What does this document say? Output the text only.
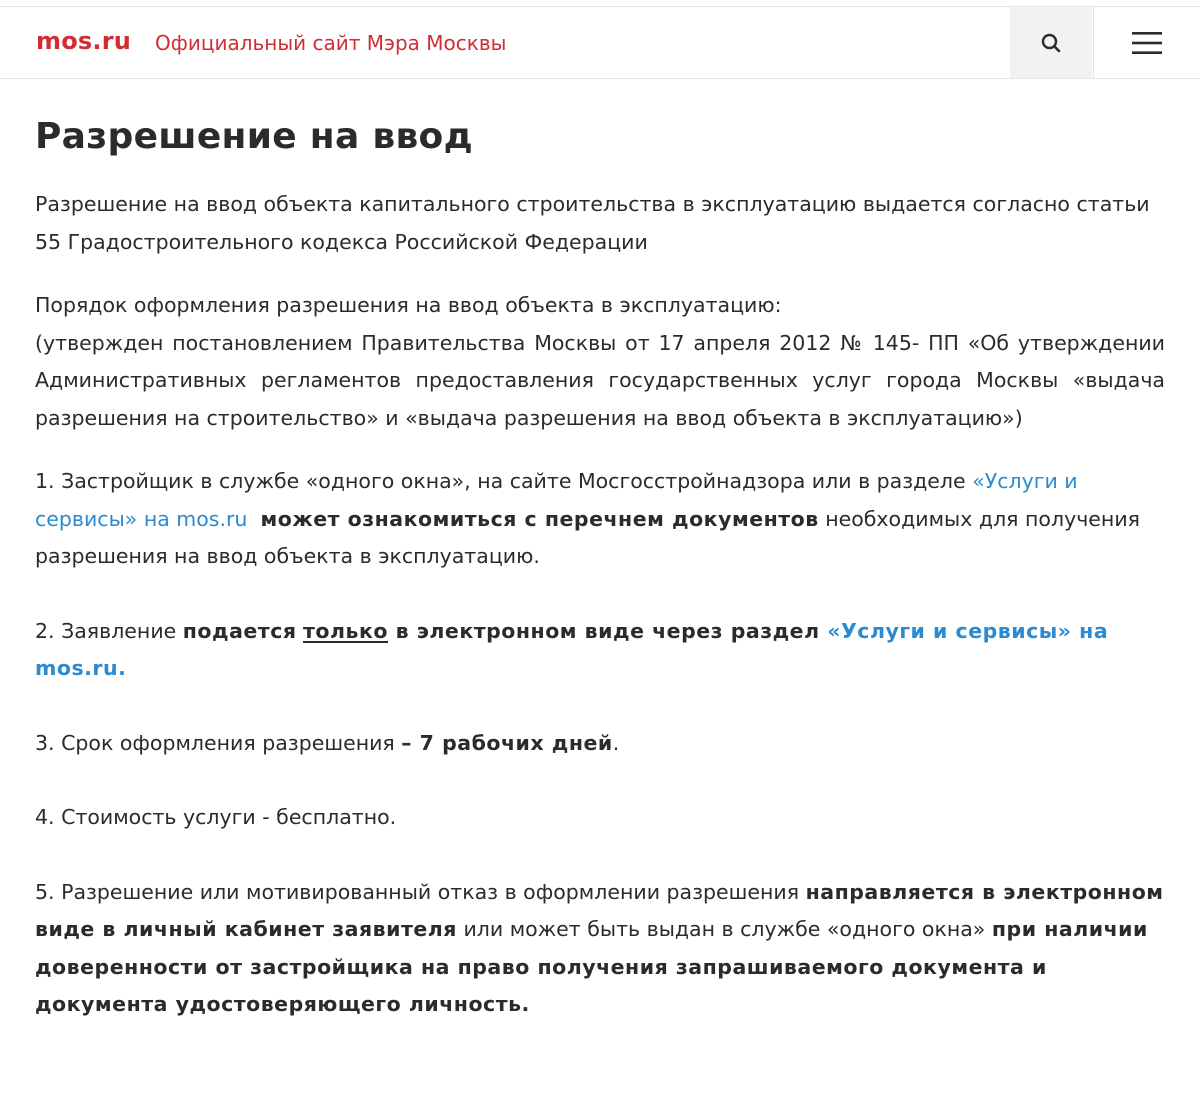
mos.ru Официальный сайт Мэра Москвы
Разрешение на ввод

Разрешение на ввод объекта капитального строительства в эксплуатацию выдается согласно статьи 55 Градостроительного кодекса Российской Федерации

Порядок оформления разрешения на ввод объекта в эксплуатацию:

(утвержден постановлением Правительства Москвы от 17 апреля 2012 № 145- ПП «Об утверждении Административных регламентов предоставления государственных услуг города Москвы «выдача разрешения на строительство» и «выдача разрешения на ввод объекта в эксплуатацию»)

1. Застройщик в службе «одного окна», на сайте Мосгосстройнадзора или в разделе «Услуги и сервисы» на mos.ru может ознакомиться с перечнем документов необходимых для получения разрешения на ввод объекта в эксплуатацию.

2. Заявление подается только в электронном виде через раздел «Услуги и сервисы» на mos.ru.

3. Срок оформления разрешения – 7 рабочих дней.

4. Стоимость услуги - бесплатно.

5. Разрешение или мотивированный отказ в оформлении разрешения направляется в электронном виде в личный кабинет заявителя или может быть выдан в службе «одного окна» при наличии доверенности от застройщика на право получения запрашиваемого документа и документа удостоверяющего личность.
